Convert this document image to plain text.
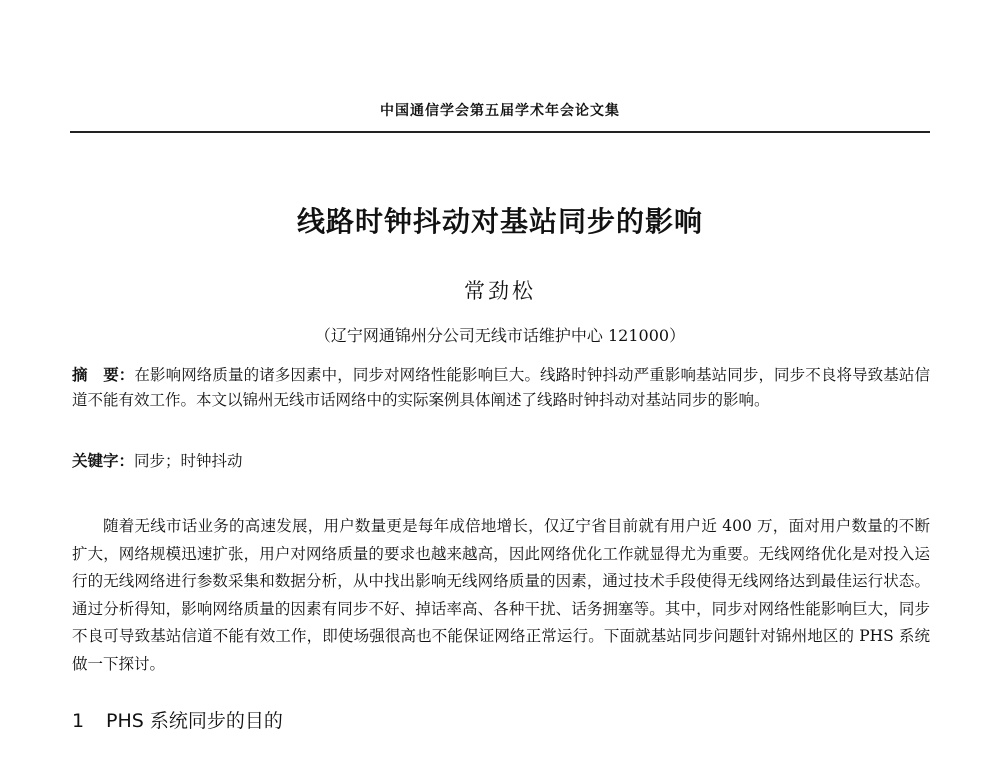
中国通信学会第五届学术年会论文集
线路时钟抖动对基站同步的影响
常劲松
（辽宁网通锦州分公司无线市话维护中心 121000）
摘　要：在影响网络质量的诸多因素中，同步对网络性能影响巨大。线路时钟抖动严重影响基站同步，同步不良将导致基站信道不能有效工作。本文以锦州无线市话网络中的实际案例具体阐述了线路时钟抖动对基站同步的影响。
关键字：同步；时钟抖动
随着无线市话业务的高速发展，用户数量更是每年成倍地增长，仅辽宁省目前就有用户近 400 万，面对用户数量的不断扩大，网络规模迅速扩张，用户对网络质量的要求也越来越高，因此网络优化工作就显得尤为重要。无线网络优化是对投入运行的无线网络进行参数采集和数据分析，从中找出影响无线网络质量的因素，通过技术手段使得无线网络达到最佳运行状态。通过分析得知，影响网络质量的因素有同步不好、掉话率高、各种干扰、话务拥塞等。其中，同步对网络性能影响巨大，同步不良可导致基站信道不能有效工作，即使场强很高也不能保证网络正常运行。下面就基站同步问题针对锦州地区的 PHS 系统做一下探讨。
1 PHS 系统同步的目的
